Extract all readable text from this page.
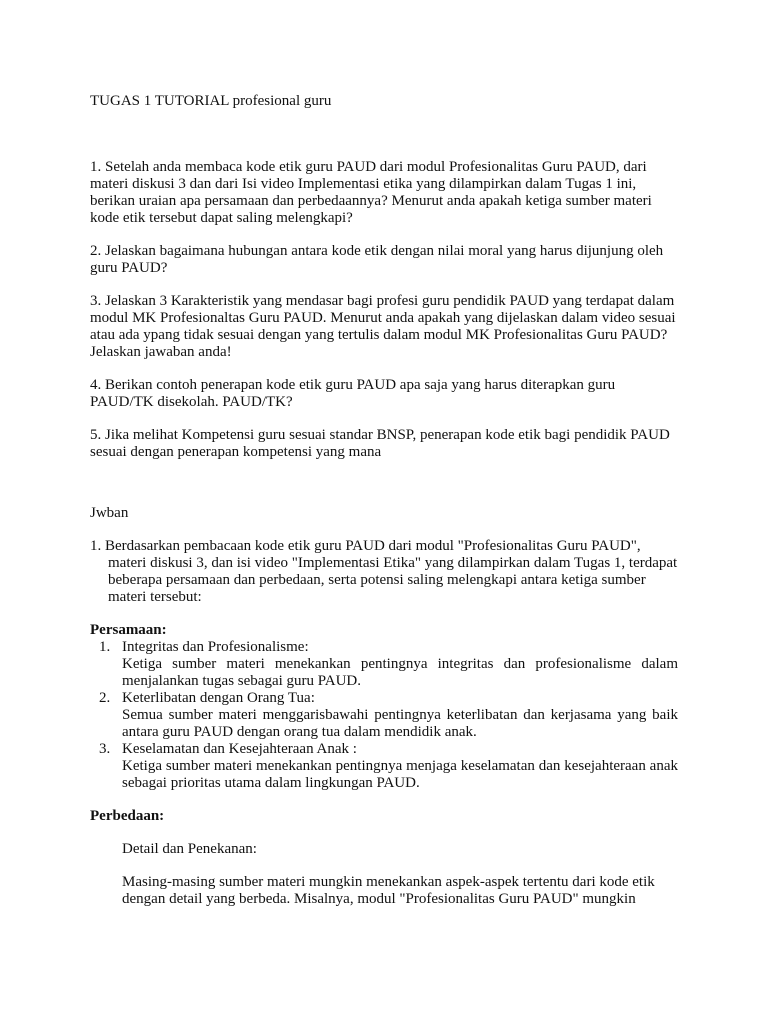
TUGAS 1 TUTORIAL profesional guru

1. Setelah anda membaca kode etik guru PAUD dari modul Profesionalitas Guru PAUD, dari materi diskusi 3 dan dari Isi video Implementasi etika yang dilampirkan dalam Tugas 1 ini, berikan uraian apa persamaan dan perbedaannya? Menurut anda apakah ketiga sumber materi kode etik tersebut dapat saling melengkapi?

2. Jelaskan bagaimana hubungan antara kode etik dengan nilai moral yang harus dijunjung oleh guru PAUD?

3. Jelaskan 3 Karakteristik yang mendasar bagi profesi guru pendidik PAUD yang terdapat dalam modul MK Profesionaltas Guru PAUD. Menurut anda apakah yang dijelaskan dalam video sesuai atau ada ypang tidak sesuai dengan yang tertulis dalam modul MK Profesionalitas Guru PAUD? Jelaskan jawaban anda!

4. Berikan contoh penerapan kode etik guru PAUD apa saja yang harus diterapkan guru PAUD/TK disekolah. PAUD/TK?

5. Jika melihat Kompetensi guru sesuai standar BNSP, penerapan kode etik bagi pendidik PAUD sesuai dengan penerapan kompetensi yang mana

Jwban

1. Berdasarkan pembacaan kode etik guru PAUD dari modul "Profesionalitas Guru PAUD", materi diskusi 3, dan isi video "Implementasi Etika" yang dilampirkan dalam Tugas 1, terdapat beberapa persamaan dan perbedaan, serta potensi saling melengkapi antara ketiga sumber materi tersebut:

Persamaan:

1. Integritas dan Profesionalisme:
Ketiga sumber materi menekankan pentingnya integritas dan profesionalisme dalam menjalankan tugas sebagai guru PAUD.
2. Keterlibatan dengan Orang Tua:
Semua sumber materi menggarisbawahi pentingnya keterlibatan dan kerjasama yang baik antara guru PAUD dengan orang tua dalam mendidik anak.
3. Keselamatan dan Kesejahteraan Anak :
Ketiga sumber materi menekankan pentingnya menjaga keselamatan dan kesejahteraan anak sebagai prioritas utama dalam lingkungan PAUD.

Perbedaan:

Detail dan Penekanan:

Masing-masing sumber materi mungkin menekankan aspek-aspek tertentu dari kode etik dengan detail yang berbeda. Misalnya, modul "Profesionalitas Guru PAUD" mungkin
